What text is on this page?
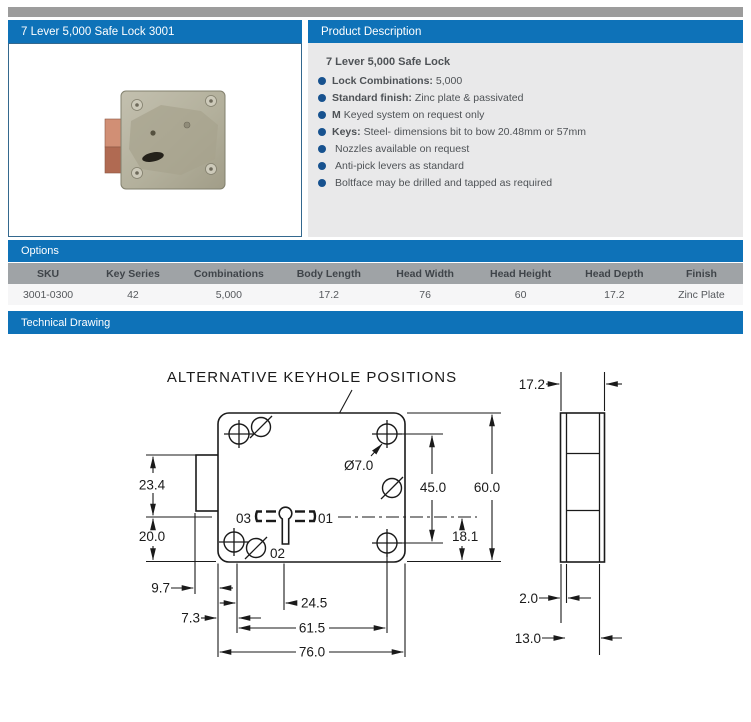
7 Lever 5,000 Safe Lock 3001	Product Description
7 Lever 5,000 Safe Lock
Lock Combinations: 5,000
Standard finish: Zinc plate & passivated
M Keyed system on request only
Keys: Steel- dimensions bit to bow 20.48mm or 57mm
Nozzles available on request
Anti-pick levers as standard
Boltface may be drilled and tapped as required
Options
SKU	Key Series	Combinations	Body Length	Head Width	Head Height	Head Depth	Finish
3001-0300	42	5,000	17.2	76	60	17.2	Zinc Plate
Technical Drawing
ALTERNATIVE KEYHOLE POSITIONS
03	01
02
Ø7.0
23.4
20.0
9.7
24.5
7.3
61.5
76.0
45.0 60.0
18.1
17.2
2.0
13.0
